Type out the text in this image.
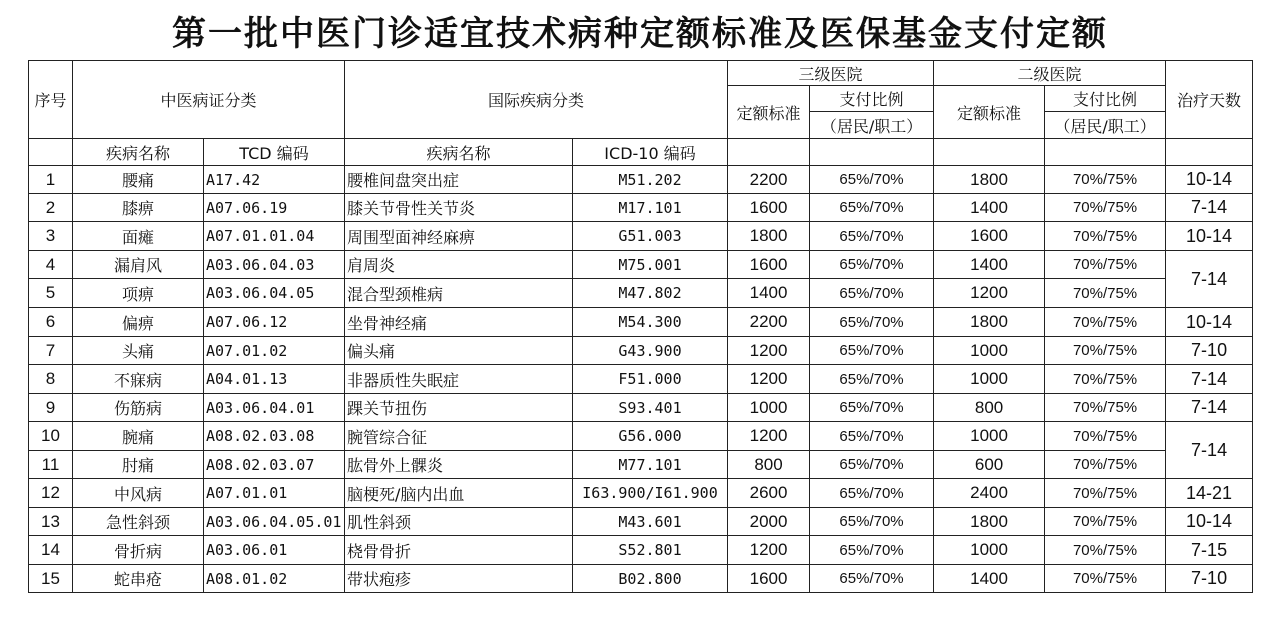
第一批中医门诊适宜技术病种定额标准及医保基金支付定额
序号	中医病证分类		国际疾病分类		三级医院		二级医院		治疗天数
					定额标准	支付比例	定额标准	支付比例	
						（居民/职工）		（居民/职工）	
	疾病名称	TCD 编码	疾病名称	ICD-10 编码					
1	腰痛	A17.42	腰椎间盘突出症	M51.202	2200	65%/70%	1800	70%/75%	10-14
2	膝痹	A07.06.19	膝关节骨性关节炎	M17.101	1600	65%/70%	1400	70%/75%	7-14
3	面瘫	A07.01.01.04	周围型面神经麻痹	G51.003	1800	65%/70%	1600	70%/75%	10-14
4	漏肩风	A03.06.04.03	肩周炎	M75.001	1600	65%/70%	1400	70%/75%	7-14
5	项痹	A03.06.04.05	混合型颈椎病	M47.802	1400	65%/70%	1200	70%/75%	
6	偏痹	A07.06.12	坐骨神经痛	M54.300	2200	65%/70%	1800	70%/75%	10-14
7	头痛	A07.01.02	偏头痛	G43.900	1200	65%/70%	1000	70%/75%	7-10
8	不寐病	A04.01.13	非器质性失眠症	F51.000	1200	65%/70%	1000	70%/75%	7-14
9	伤筋病	A03.06.04.01	踝关节扭伤	S93.401	1000	65%/70%	800	70%/75%	7-14
10	腕痛	A08.02.03.08	腕管综合征	G56.000	1200	65%/70%	1000	70%/75%	7-14
11	肘痛	A08.02.03.07	肱骨外上髁炎	M77.101	800	65%/70%	600	70%/75%	
12	中风病	A07.01.01	脑梗死/脑内出血	I63.900/I61.900	2600	65%/70%	2400	70%/75%	14-21
13	急性斜颈	A03.06.04.05.01	肌性斜颈	M43.601	2000	65%/70%	1800	70%/75%	10-14
14	骨折病	A03.06.01	桡骨骨折	S52.801	1200	65%/70%	1000	70%/75%	7-15
15	蛇串疮	A08.01.02	带状疱疹	B02.800	1600	65%/70%	1400	70%/75%	7-10
